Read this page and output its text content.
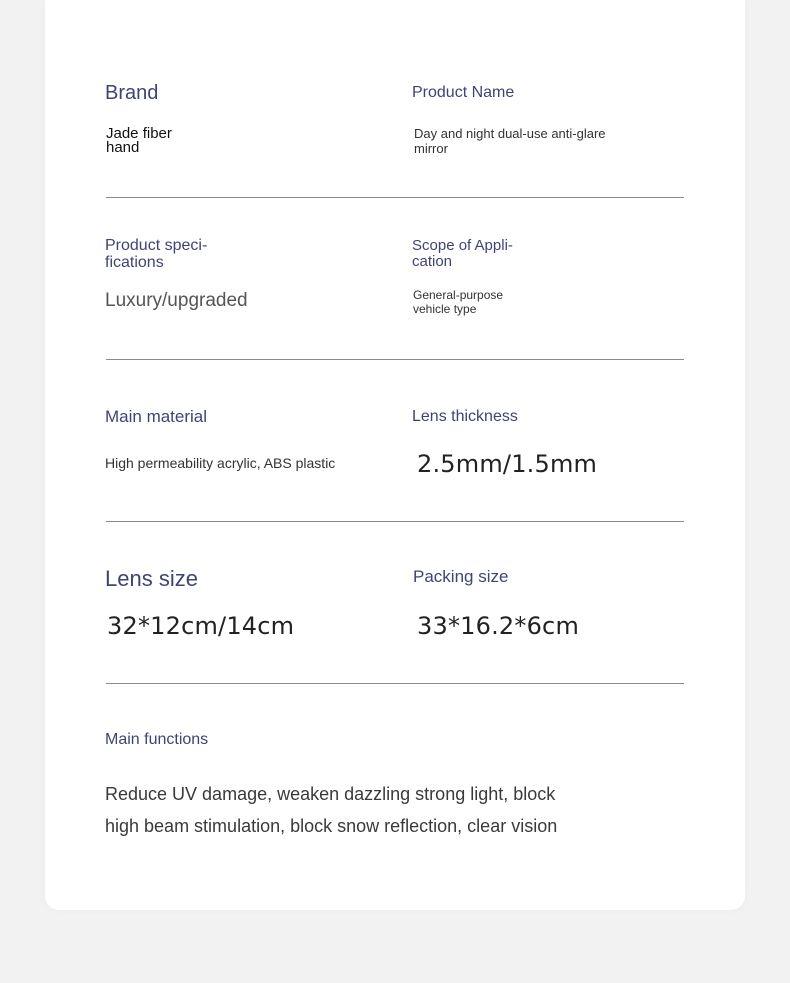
Brand

Jade fiber
hand

Product Name

Day and night dual-use anti-glare
mirror

Product speci-
fications

Luxury/upgraded

Scope of Appli-
cation

General-purpose
vehicle type

Main material

High permeability acrylic, ABS plastic

Lens thickness

2.5mm/1.5mm

Lens size

32*12cm/14cm

Packing size

33*16.2*6cm

Main functions

Reduce UV damage, weaken dazzling strong light, block
high beam stimulation, block snow reflection, clear vision
